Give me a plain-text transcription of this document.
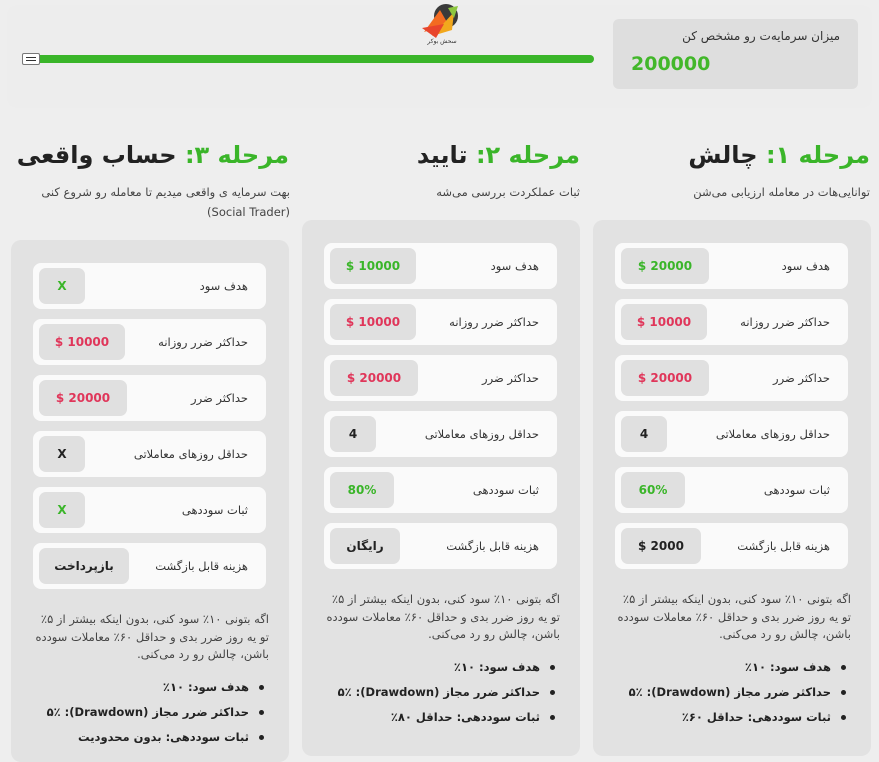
سحش بوکر	میزان سرمایه‌ت رو مشخص کن
200000
مرحله ۱: چالش
توانایی‌هات در معامله ارزیابی می‌شن
هدف سود
$ 20000
حداکثر ضرر روزانه
$ 10000
حداکثر ضرر
$ 20000
حداقل روزهای معاملاتی
4
ثبات سوددهی
60%
هزینه قابل بازگشت
$ 2000
اگه بتونی ۱۰٪ سود کنی، بدون اینکه بیشتر از ۵٪ تو یه روز ضرر بدی و حداقل ۶۰٪ معاملات سودده باشن، چالش رو رد می‌کنی.
هدف سود: ۱۰٪
حداکثر ضرر مجاز (Drawdown): ۵٪
ثبات سوددهی: حداقل ۶۰٪
مرحله ۲: تایید
ثبات عملکردت بررسی می‌شه
هدف سود
$ 10000
حداکثر ضرر روزانه
$ 10000
حداکثر ضرر
$ 20000
حداقل روزهای معاملاتی
4
ثبات سوددهی
80%
هزینه قابل بازگشت
رایگان
اگه بتونی ۱۰٪ سود کنی، بدون اینکه بیشتر از ۵٪ تو یه روز ضرر بدی و حداقل ۶۰٪ معاملات سودده باشن، چالش رو رد می‌کنی.
هدف سود: ۱۰٪
حداکثر ضرر مجاز (Drawdown): ۵٪
ثبات سوددهی: حداقل ۸۰٪
مرحله ۳: حساب واقعی
بهت سرمایه ی واقعی میدیم تا معامله رو شروع کنی (Social Trader)
هدف سود
X
حداکثر ضرر روزانه
$ 10000
حداکثر ضرر
$ 20000
حداقل روزهای معاملاتی
X
ثبات سوددهی
X
هزینه قابل بازگشت
بازپرداخت
اگه بتونی ۱۰٪ سود کنی، بدون اینکه بیشتر از ۵٪ تو یه روز ضرر بدی و حداقل ۶۰٪ معاملات سودده باشن، چالش رو رد می‌کنی.
هدف سود: ۱۰٪
حداکثر ضرر مجاز (Drawdown): ۵٪
ثبات سوددهی: بدون محدودیت
